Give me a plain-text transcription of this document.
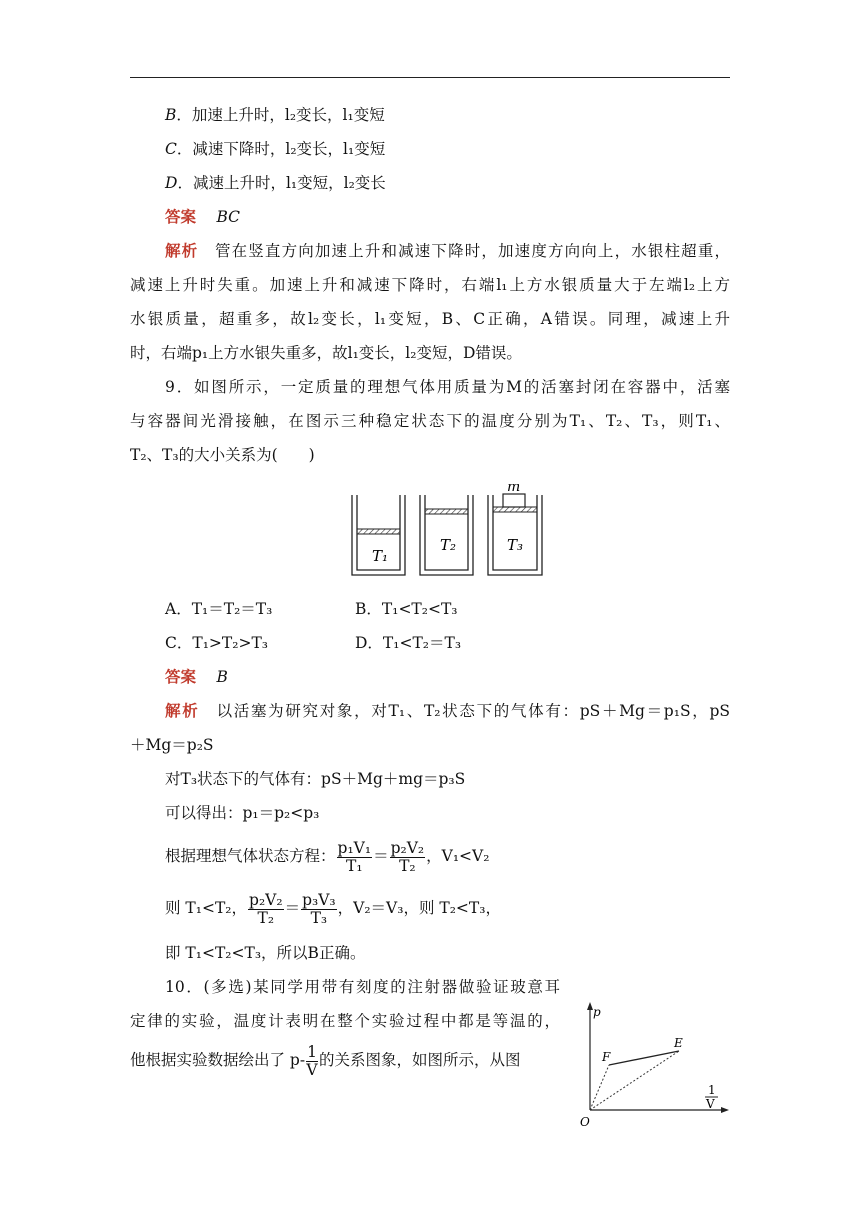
B．加速上升时，l₂变长，l₁变短
C．减速下降时，l₂变长，l₁变短
D．减速上升时，l₁变短，l₂变长
答案　 BC
解析　 管在竖直方向加速上升和减速下降时，加速度方向向上，水银柱超重，
减速上升时失重。加速上升和减速下降时，右端l₁上方水银质量大于左端l₂上方
水银质量，超重多，故l₂变长，l₁变短，B、C正确，A错误。同理，减速上升
时，右端p₁上方水银失重多，故l₁变长，l₂变短，D错误。
9．如图所示，一定质量的理想气体用质量为M的活塞封闭在容器中，活塞
与容器间光滑接触，在图示三种稳定状态下的温度分别为T₁、T₂、T₃，则T₁、
T₂、T₃的大小关系为(　　)
T₁
T₂
m
T₃
A．T₁＝T₂＝T₃	B．T₁<T₂<T₃
C．T₁>T₂>T₃	D．T₁<T₂＝T₃
答案　 B
解析　 以活塞为研究对象，对T₁、T₂状态下的气体有：pS＋Mg＝p₁S，pS
＋Mg＝p₂S
对T₃状态下的气体有：pS＋Mg＋mg＝p₃S
可以得出：p₁＝p₂<p₃
根据理想气体状态方程： $\frac{\text{p₁V₁}}{\text{T₁}} = \frac{\text{p₂V₂}}{\text{T₂}}$ ，V₁<V₂
则 T₁<T₂， $\frac{\text{p₂V₂}}{\text{T₂}} = \frac{\text{p₃V₃}}{\text{T₃}}$ ，V₂＝V₃，则 T₂<T₃，
即 T₁<T₂<T₃，所以B正确。
10．(多选)某同学用带有刻度的注射器做验证玻意耳
定律的实验，温度计表明在整个实验过程中都是等温的，
他根据实验数据绘出了 $p- \frac{1}{V}$ 的关系图象，如图所示，从图
p
F
E
O
1
V
